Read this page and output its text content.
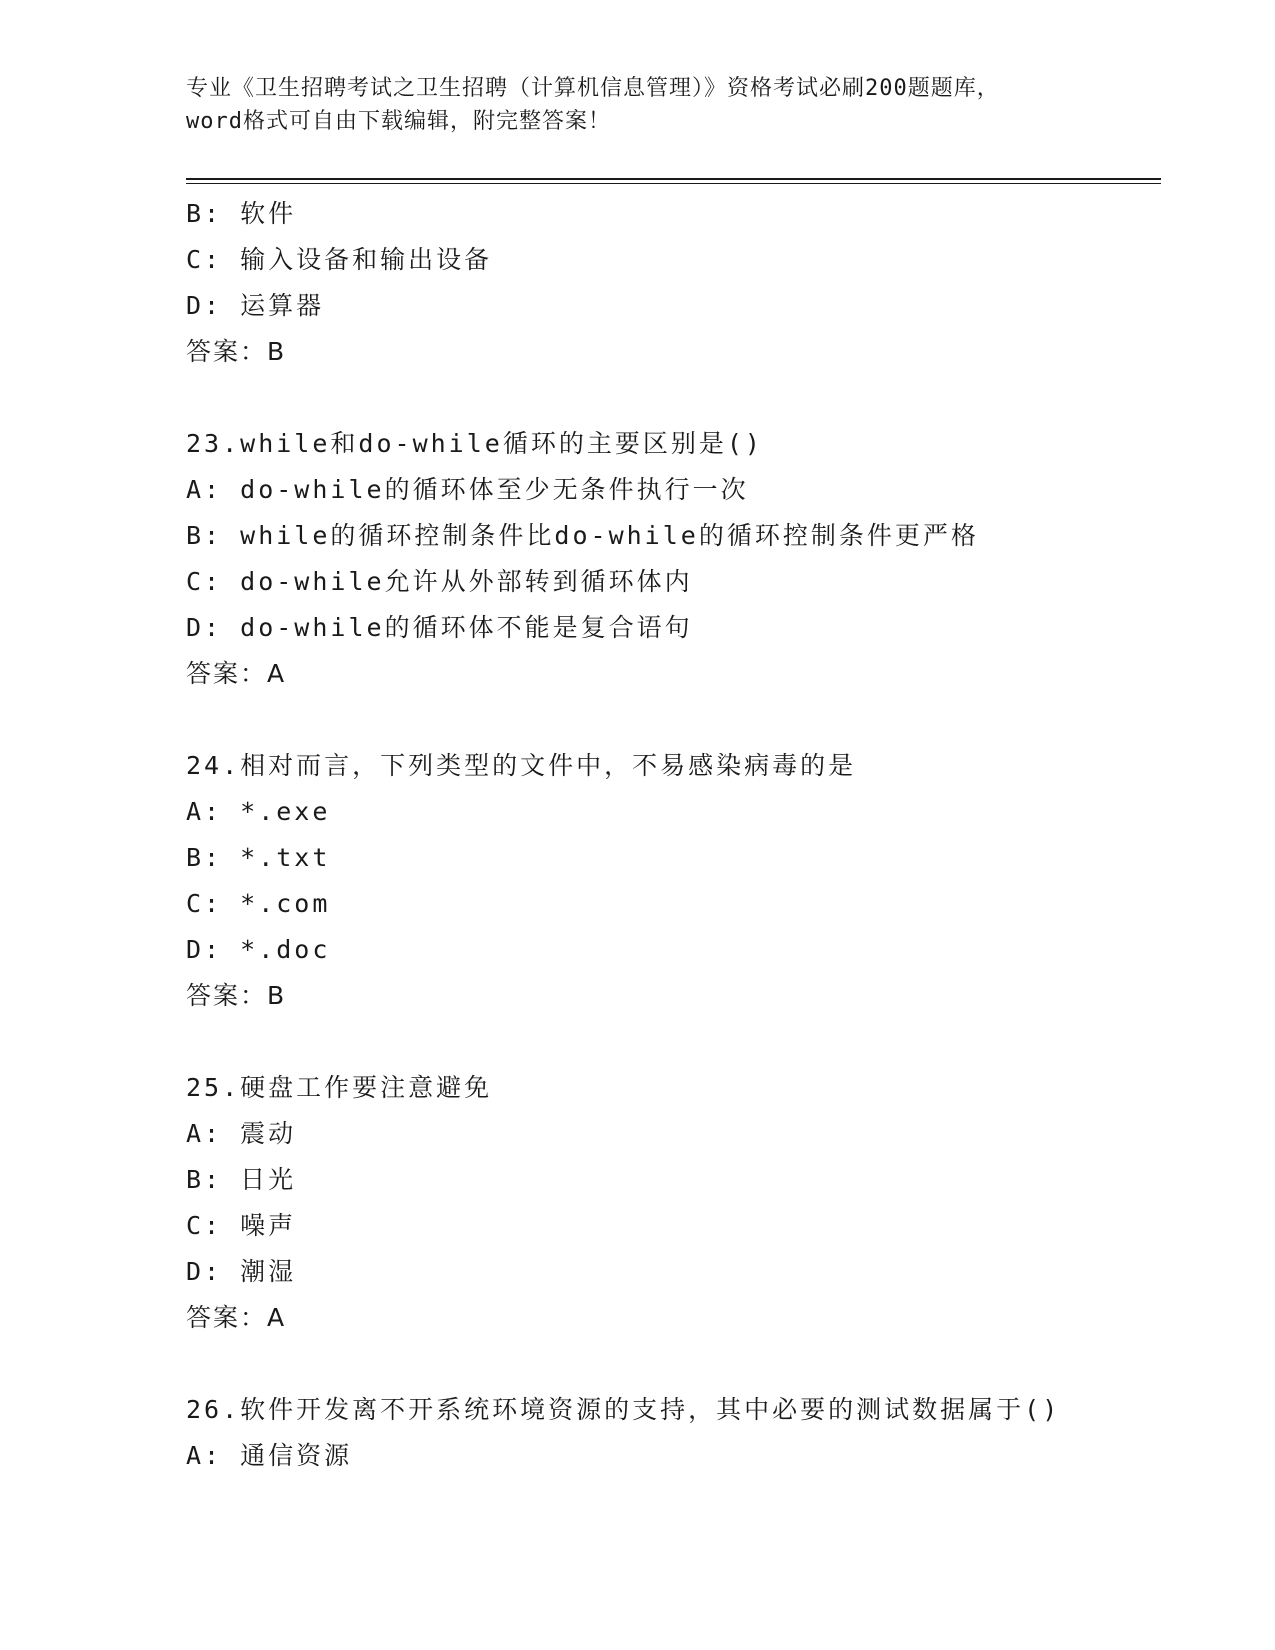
专业《卫生招聘考试之卫生招聘（计算机信息管理）》资格考试必刷200题题库，
word格式可自由下载编辑，附完整答案！
B: 软件
C: 输入设备和输出设备
D: 运算器
答案：B
23.while和do-while循环的主要区别是()
A: do-while的循环体至少无条件执行一次
B: while的循环控制条件比do-while的循环控制条件更严格
C: do-while允许从外部转到循环体内
D: do-while的循环体不能是复合语句
答案：A
24.相对而言，下列类型的文件中，不易感染病毒的是
A: *.exe
B: *.txt
C: *.com
D: *.doc
答案：B
25.硬盘工作要注意避免
A: 震动
B: 日光
C: 噪声
D: 潮湿
答案：A
26.软件开发离不开系统环境资源的支持，其中必要的测试数据属于()
A: 通信资源
